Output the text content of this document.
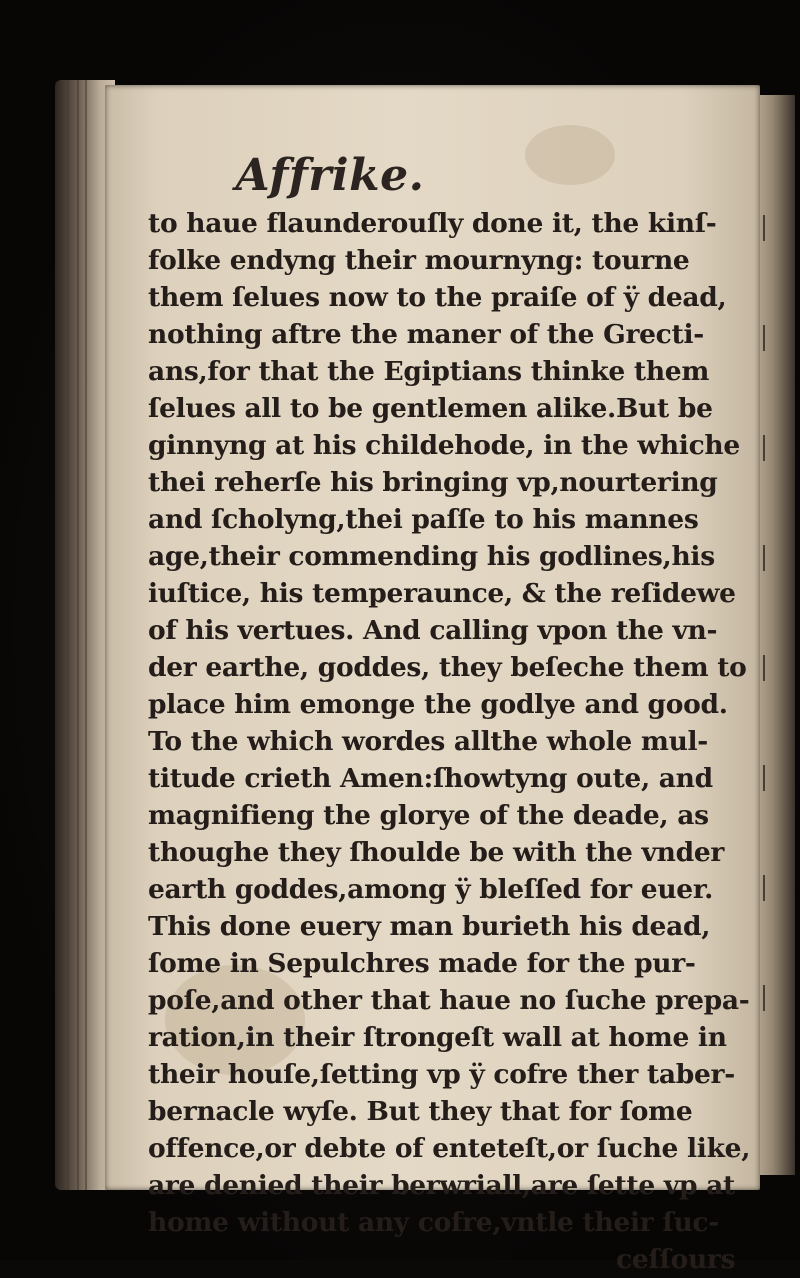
Affrike.
to haue flaunderouſly done it, the kinſ-
folke endyng their mournyng: tourne
them ſelues now to the praiſe of ÿ dead,
nothing aftre the maner of the Grecti-
ans,for that the Egiptians thinke them
ſelues all to be gentlemen alike.But be
ginnyng at his childehode, in the whiche
thei reherſe his bringing vp,nourtering
and ſcholyng,thei paſſe to his mannes
age,their commending his godlines,his
iuſtice, his temperaunce, & the reſidewe
of his vertues. And calling vpon the vn-
der earthe, goddes, they beſeche them to
place him emonge the godlye and good.
To the which wordes allthe whole mul-
titude crieth Amen:ſhowtyng oute, and
magnifieng the glorye of the deade, as
thoughe they ſhoulde be with the vnder
earth goddes,among ÿ bleſſed for euer.
This done euery man burieth his dead,
ſome in Sepulchres made for the pur-
poſe,and other that haue no ſuche prepa-
ration,in their ſtrongeſt wall at home in
their houſe,ſetting vp ÿ cofre ther taber-
bernacle wyſe. But they that for ſome
offence,or debte of enteteſt,or ſuche like,
are denied their berwriall,are ſette vp at
home without any cofre,vntle their ſuc-
ceſſours
